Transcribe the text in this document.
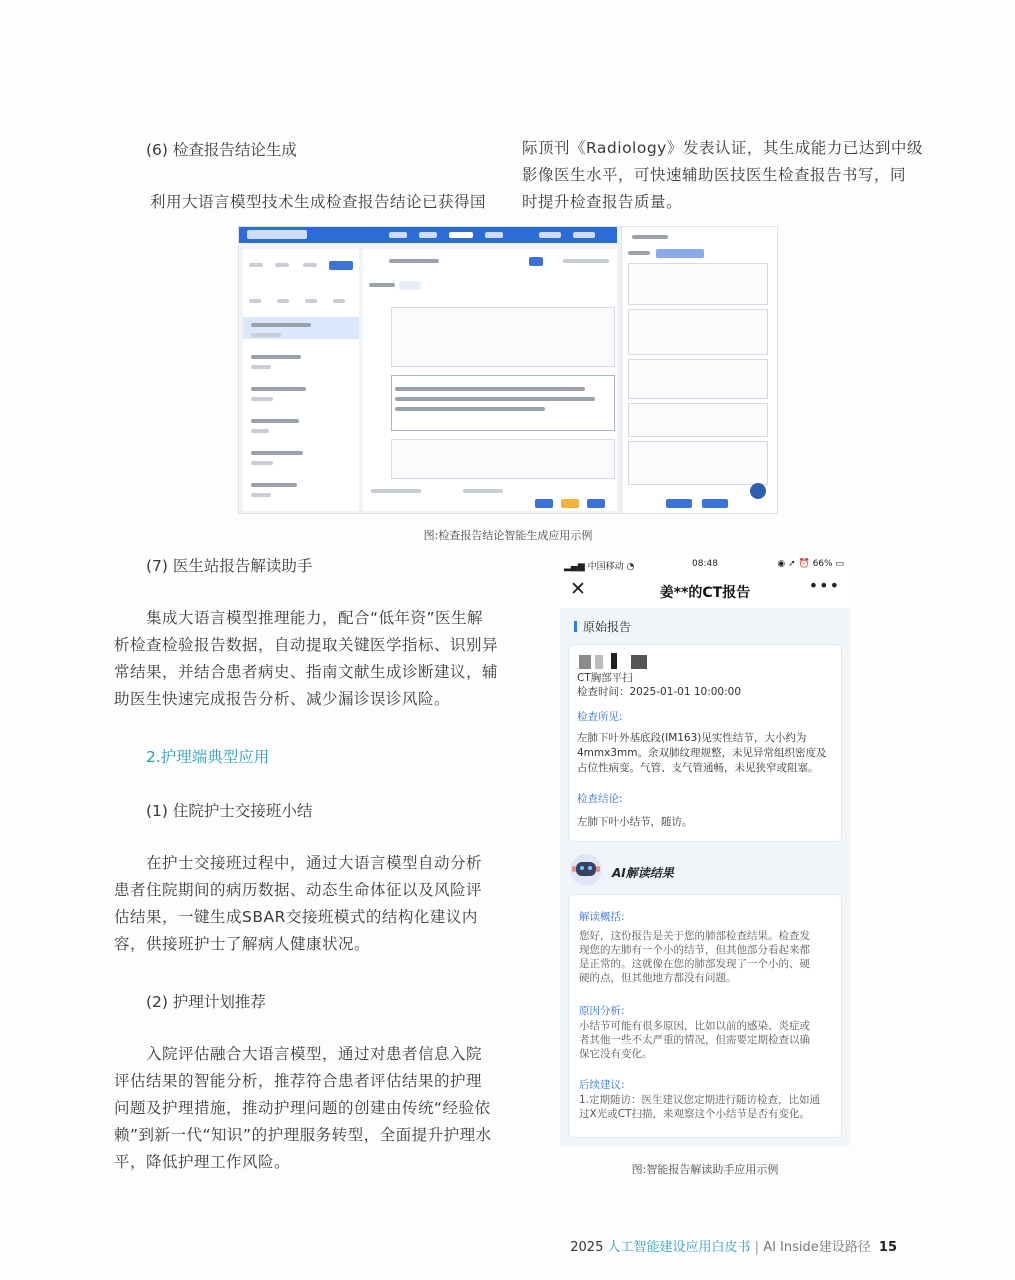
(6) 检查报告结论生成
利用大语言模型技术生成检查报告结论已获得国
际顶刊《Radiology》发表认证，其生成能力已达到中级
影像医生水平，可快速辅助医技医生检查报告书写，同
时提升检查报告质量。
图:检查报告结论智能生成应用示例
(7) 医生站报告解读助手
集成大语言模型推理能力，配合“低年资”医生解
析检查检验报告数据，自动提取关键医学指标、识别异
常结果，并结合患者病史、指南文献生成诊断建议，辅
助医生快速完成报告分析、减少漏诊误诊风险。
2.护理端典型应用
(1) 住院护士交接班小结
在护士交接班过程中，通过大语言模型自动分析
患者住院期间的病历数据、动态生命体征以及风险评
估结果，一键生成SBAR交接班模式的结构化建议内
容，供接班护士了解病人健康状况。
(2) 护理计划推荐
入院评估融合大语言模型，通过对患者信息入院
评估结果的智能分析，推荐符合患者评估结果的护理
问题及护理措施，推动护理问题的创建由传统“经验依
赖”到新一代“知识”的护理服务转型，全面提升护理水
平，降低护理工作风险。
▂▄▆ 中国移动 ◔	08:48	◉ ➚ ⏰ 66% ▭
✕	姜**的CT报告	•••
原始报告
CT胸部平扫
检查时间：2025-01-01 10:00:00
检查所见:
左肺下叶外基底段(IM163)见实性结节，大小约为
4mmx3mm。余双肺纹理规整，未见异常组织密度及
占位性病变。气管、支气管通畅，未见狭窄或阻塞。
检查结论:
左肺下叶小结节，随访。
AI解读结果
解读概括:
您好，这份报告是关于您的肺部检查结果。检查发
现您的左肺有一个小的结节，但其他部分看起来都
是正常的。这就像在您的肺部发现了一个小的、硬
硬的点，但其他地方都没有问题。
原因分析:
小结节可能有很多原因，比如以前的感染、炎症或
者其他一些不太严重的情况，但需要定期检查以确
保它没有变化。
后续建议:
1.定期随访：医生建议您定期进行随访检查，比如通
过X光或CT扫描，来观察这个小结节是否有变化。
图:智能报告解读助手应用示例
2025 人工智能建设应用白皮书 | AI Inside建设路径 15
